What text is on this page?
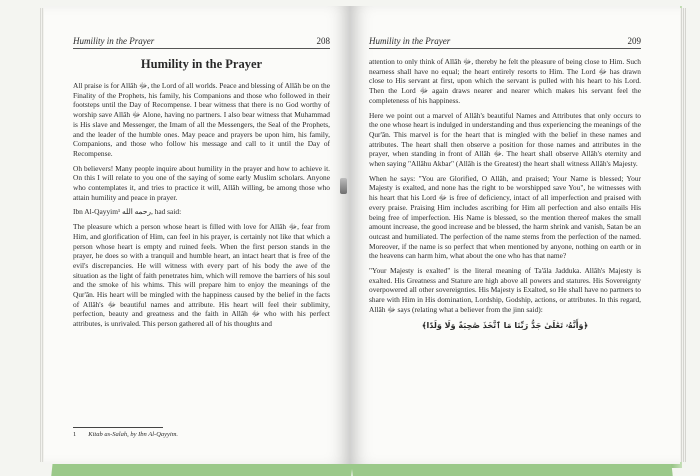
Humility in the Prayer	208
Humility in the Prayer

All praise is for Allâh ﷻ, the Lord of all worlds. Peace and blessing of Allâh be on the Finality of the Prophets, his family, his Companions and those who followed in their footsteps until the Day of Recompense. I bear witness that there is no God worthy of worship save Allâh ﷻ Alone, having no partners. I also bear witness that Muhammad is His slave and Messenger, the Imam of all the Messengers, the Seal of the Prophets, and the leader of the humble ones. May peace and prayers be upon him, his family, Companions, and those who follow his message and call to it until the Day of Recompense.

Oh believers! Many people inquire about humility in the prayer and how to achieve it. On this I will relate to you one of the saying of some early Muslim scholars. Anyone who contemplates it, and tries to practice it will, Allâh willing, be among those who attain humility and peace in prayer.

Ibn Al-Qayyim¹ رحمه الله, had said:

The pleasure which a person whose heart is filled with love for Allâh ﷻ, fear from Him, and glorification of Him, can feel in his prayer, is certainly not like that which a person whose heart is empty and ruined feels. When the first person stands in the prayer, he does so with a tranquil and humble heart, an intact heart that is free of the evil's discrepancies. He will witness with every part of his body the awe of the situation as the light of faith penetrates him, which will remove the barriers of his soul and the smoke of his whims. This will prepare him to enjoy the meanings of the Qur'ân. His heart will be mingled with the happiness caused by the belief in the facts of Allâh's ﷻ beautiful names and attribute. His heart will feel their sublimity, perfection, beauty and greatness and the faith in Allâh ﷻ who with his perfect attributes, is unrivaled. This person gathered all of his thoughts and

1 Kitab as-Salah, by Ibn Al-Qayyim.
Humility in the Prayer	209

attention to only think of Allâh ﷻ, thereby he felt the pleasure of being close to Him. Such nearness shall have no equal; the heart entirely resorts to Him. The Lord ﷻ has drawn close to His servant at first, upon which the servant is pulled with his heart to his Lord. Then the Lord ﷻ again draws nearer and nearer which makes his servant feel the completeness of his happiness.

Here we point out a marvel of Allâh's beautiful Names and Attributes that only occurs to the one whose heart is indulged in understanding and thus experiencing the meanings of the Qur'ân. This marvel is for the heart that is mingled with the belief in these names and attributes. The heart shall then observe a position for those names and attributes in the prayer, when standing in front of Allâh ﷻ. The heart shall observe Allâh's eternity and when saying "Allâhu Akbar" (Allâh is the Greatest) the heart shall witness Allâh's Majesty.

When he says: "You are Glorified, O Allâh, and praised; Your Name is blessed; Your Majesty is exalted, and none has the right to be worshipped save You", he witnesses with his heart that his Lord ﷻ is free of deficiency, intact of all imperfection and praised with every praise. Praising Him includes ascribing for Him all perfection and also entails His being free of imperfection. His Name is blessed, so the mention thereof makes the small amount increase, the good increase and be blessed, the harm shrink and vanish, Satan be an outcast and humiliated. The perfection of the name stems from the perfection of the named. Moreover, if the name is so perfect that when mentioned by anyone, nothing on earth or in the heavens can harm him, what about the one who has that name?

"Your Majesty is exalted" is the literal meaning of Ta'âla Jadduka. Allâh's Majesty is exalted. His Greatness and Stature are high above all powers and statures. His Sovereignty overpowered all other sovereignties. His Majesty is Exalted, so He shall have no partners to share with Him in His domination, Lordship, Godship, actions, or attributes. In this regard, Allâh ﷻ says (relating what a believer from the jinn said):

﴿وَأَنَّهُۥ تَعَٰلَىٰ جَدُّ رَبِّنَا مَا ٱتَّخَذَ صَٰحِبَةً وَلَا وَلَدًا﴾
